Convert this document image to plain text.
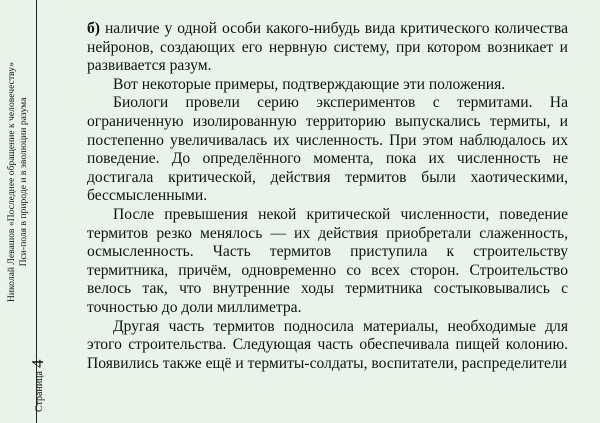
Страница4
Николай Левашов «Последнее обращение к человечеству» Пси-поля в природе и в эволюции разума

б) наличие у одной особи какого-нибудь вида критического количества нейронов, создающих его нервную систему, при котором возникает и развивается разум.

Вот некоторые примеры, подтверждающие эти положения.

Биологи провели серию экспериментов с термитами. На ограниченную изолированную территорию выпускались термиты, и постепенно увеличивалась их численность. При этом наблюдалось их поведение. До определённого момента, пока их численность не достигала критической, действия термитов были хаотическими, бессмысленными.

После превышения некой критической численности, поведение термитов резко менялось — их действия приобретали слаженность, осмысленность. Часть термитов приступила к строительству термитника, причём, одновременно со всех сторон. Строительство велось так, что внутренние ходы термитника состыковывались с точностью до доли миллиметра.

Другая часть термитов подносила материалы, необходимые для этого строительства. Следующая часть обеспечивала пищей колонию. Появились также ещё и термиты-солдаты, воспитатели, распределители
